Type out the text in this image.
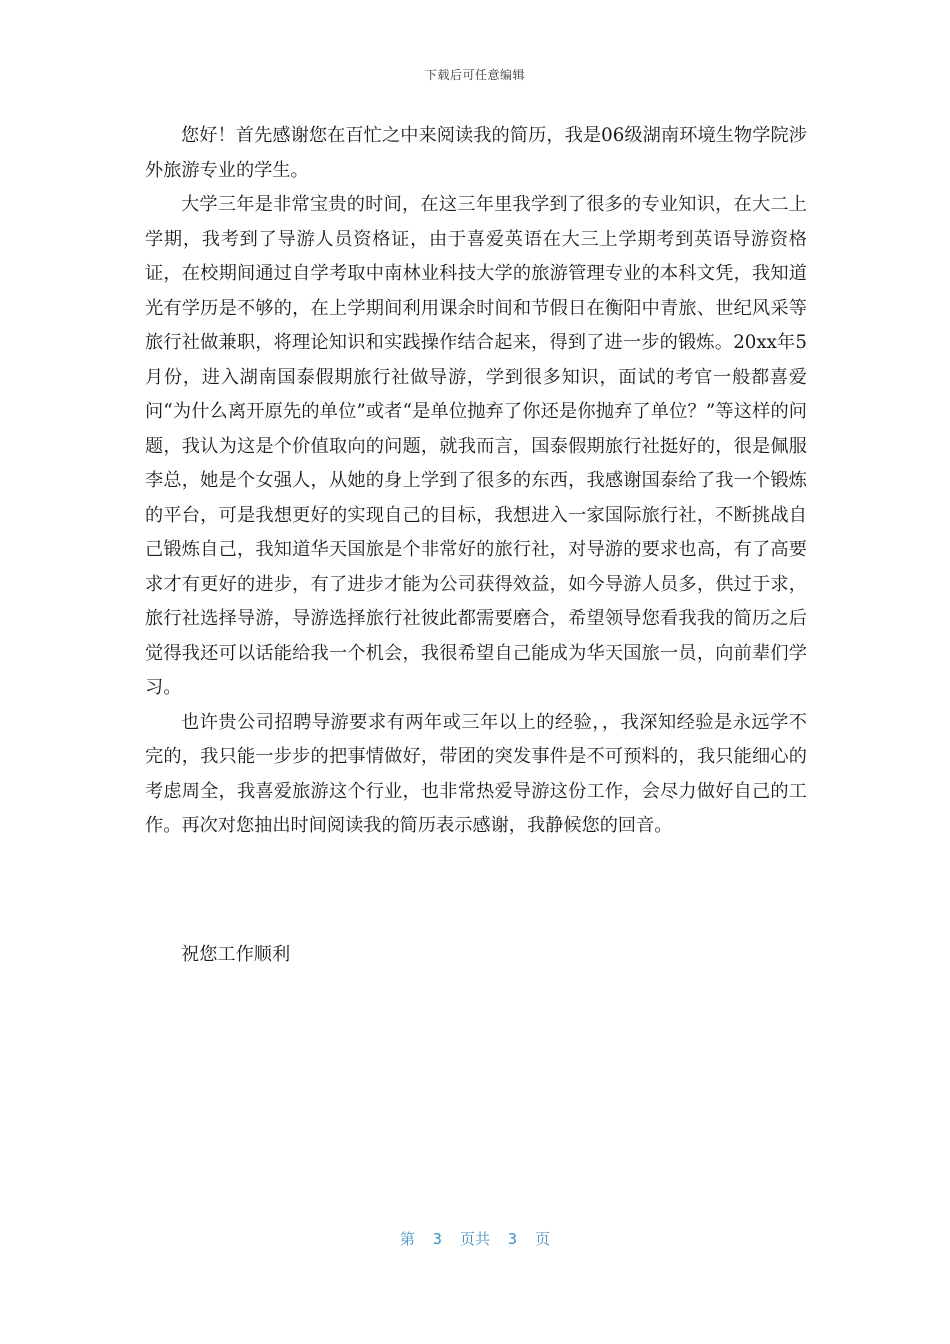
下载后可任意编辑

您好！首先感谢您在百忙之中来阅读我的简历，我是06级湖南环境生物学院涉外旅游专业的学生。

大学三年是非常宝贵的时间，在这三年里我学到了很多的专业知识，在大二上学期，我考到了导游人员资格证，由于喜爱英语在大三上学期考到英语导游资格证，在校期间通过自学考取中南林业科技大学的旅游管理专业的本科文凭，我知道光有学历是不够的，在上学期间利用课余时间和节假日在衡阳中青旅、世纪风采等旅行社做兼职，将理论知识和实践操作结合起来，得到了进一步的锻炼。20xx年5月份，进入湖南国泰假期旅行社做导游，学到很多知识，面试的考官一般都喜爱问“为什么离开原先的单位”或者“是单位抛弃了你还是你抛弃了单位？”等这样的问题，我认为这是个价值取向的问题，就我而言，国泰假期旅行社挺好的，很是佩服李总，她是个女强人，从她的身上学到了很多的东西，我感谢国泰给了我一个锻炼的平台，可是我想更好的实现自己的目标，我想进入一家国际旅行社，不断挑战自己锻炼自己，我知道华天国旅是个非常好的旅行社，对导游的要求也高，有了高要求才有更好的进步，有了进步才能为公司获得效益，如今导游人员多，供过于求，旅行社选择导游，导游选择旅行社彼此都需要磨合，希望领导您看我我的简历之后觉得我还可以话能给我一个机会，我很希望自己能成为华天国旅一员，向前辈们学习。

也许贵公司招聘导游要求有两年或三年以上的经验，，我深知经验是永远学不完的，我只能一步步的把事情做好，带团的突发事件是不可预料的，我只能细心的考虑周全，我喜爱旅游这个行业，也非常热爱导游这份工作，会尽力做好自己的工作。再次对您抽出时间阅读我的简历表示感谢，我静候您的回音。

祝您工作顺利
第  3  页共  3  页
